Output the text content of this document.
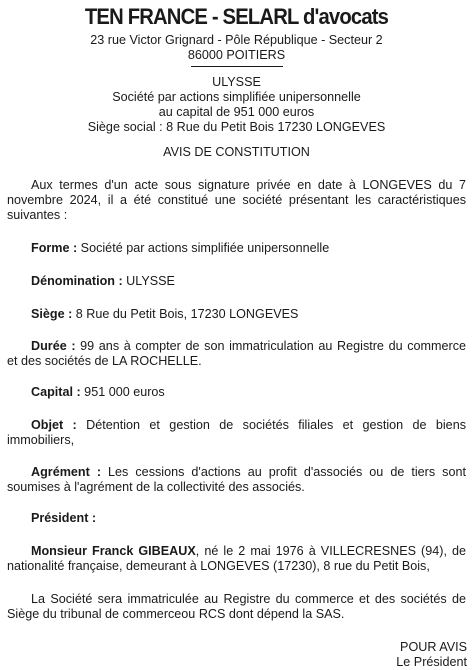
TEN FRANCE - SELARL d'avocats
23 rue Victor Grignard - Pôle République - Secteur 2
86000 POITIERS
ULYSSE
Société par actions simplifiée unipersonnelle
au capital de 951 000 euros
Siège social : 8 Rue du Petit Bois 17230 LONGEVES
AVIS DE CONSTITUTION

Aux termes d'un acte sous signature privée en date à LONGEVES du 7 novembre 2024, il a été constitué une société présentant les caractéristiques suivantes :

Forme : Société par actions simplifiée unipersonnelle

Dénomination : ULYSSE

Siège : 8 Rue du Petit Bois, 17230 LONGEVES

Durée : 99 ans à compter de son immatriculation au Registre du commerce et des sociétés de LA ROCHELLE.

Capital : 951 000 euros

Objet : Détention et gestion de sociétés filiales et gestion de biens immobiliers,

Agrément : Les cessions d'actions au profit d'associés ou de tiers sont soumises à l'agrément de la collectivité des associés.

Président :

Monsieur Franck GIBEAUX, né le 2 mai 1976 à VILLECRESNES (94), de nationalité française, demeurant à LONGEVES (17230), 8 rue du Petit Bois,

La Société sera immatriculée au Registre du commerce et des sociétés de Siège du tribunal de commerceou RCS dont dépend la SAS.

POUR AVIS
Le Président
